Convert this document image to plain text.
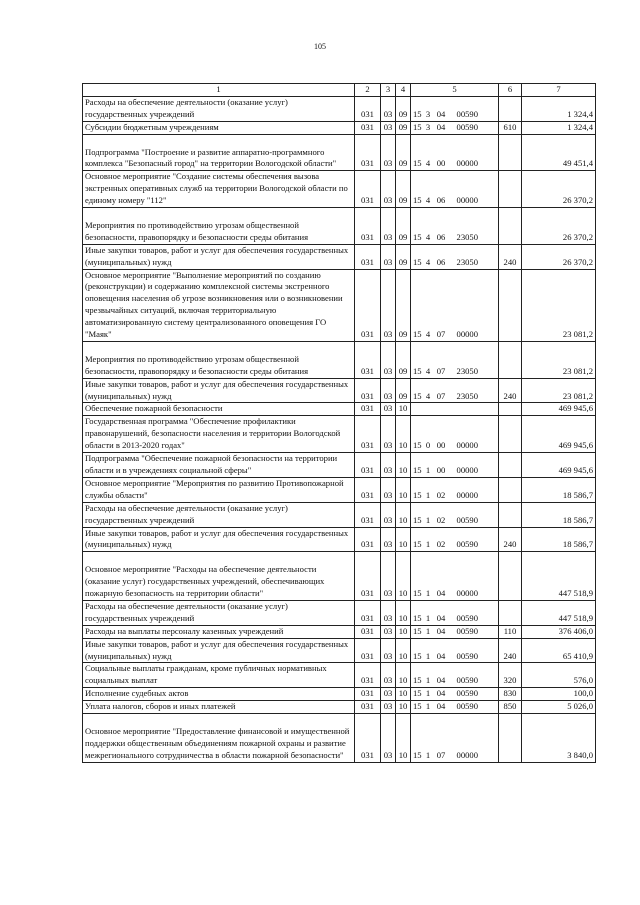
105
1	2	3	4	5	6	7
Расходы на обеспечение деятельности (оказание услуг) государственных учреждений	031	03	09	15 3 04 00590		1 324,4
Субсидии бюджетным учреждениям	031	03	09	15 3 04 00590	610	1 324,4
Подпрограмма "Построение и развитие аппаратно-программного комплекса "Безопасный город" на территории Вологодской области"	031	03	09	15 4 00 00000		49 451,4
Основное мероприятие "Создание системы обеспечения вызова экстренных оперативных служб на территории Вологодской области по единому номеру "112"	031	03	09	15 4 06 00000		26 370,2
Мероприятия по противодействию угрозам общественной безопасности, правопорядку и безопасности среды обитания	031	03	09	15 4 06 23050		26 370,2
Иные закупки товаров, работ и услуг для обеспечения государственных (муниципальных) нужд	031	03	09	15 4 06 23050	240	26 370,2
Основное мероприятие "Выполнение мероприятий по созданию (реконструкции) и содержанию комплексной системы экстренного оповещения населения об угрозе возникновения или о возникновении чрезвычайных ситуаций, включая территориальную автоматизированную систему централизованного оповещения ГО "Маяк"	031	03	09	15 4 07 00000		23 081,2
Мероприятия по противодействию угрозам общественной безопасности, правопорядку и безопасности среды обитания	031	03	09	15 4 07 23050		23 081,2
Иные закупки товаров, работ и услуг для обеспечения государственных (муниципальных) нужд	031	03	09	15 4 07 23050	240	23 081,2
Обеспечение пожарной безопасности	031	03	10			469 945,6
Государственная программа "Обеспечение профилактики правонарушений, безопасности населения и территории Вологодской области в 2013-2020 годах"	031	03	10	15 0 00 00000		469 945,6
Подпрограмма "Обеспечение пожарной безопасности на территории области и в учреждениях социальной сферы"	031	03	10	15 1 00 00000		469 945,6
Основное мероприятие "Мероприятия по развитию Противопожарной службы области"	031	03	10	15 1 02 00000		18 586,7
Расходы на обеспечение деятельности (оказание услуг) государственных учреждений	031	03	10	15 1 02 00590		18 586,7
Иные закупки товаров, работ и услуг для обеспечения государственных (муниципальных) нужд	031	03	10	15 1 02 00590	240	18 586,7
Основное мероприятие "Расходы на обеспечение деятельности (оказание услуг) государственных учреждений, обеспечивающих пожарную безопасность на территории области"	031	03	10	15 1 04 00000		447 518,9
Расходы на обеспечение деятельности (оказание услуг) государственных учреждений	031	03	10	15 1 04 00590		447 518,9
Расходы на выплаты персоналу казенных учреждений	031	03	10	15 1 04 00590	110	376 406,0
Иные закупки товаров, работ и услуг для обеспечения государственных (муниципальных) нужд	031	03	10	15 1 04 00590	240	65 410,9
Социальные выплаты гражданам, кроме публичных нормативных социальных выплат	031	03	10	15 1 04 00590	320	576,0
Исполнение судебных актов	031	03	10	15 1 04 00590	830	100,0
Уплата налогов, сборов и иных платежей	031	03	10	15 1 04 00590	850	5 026,0
Основное мероприятие "Предоставление финансовой и имущественной поддержки общественным объединениям пожарной охраны и развитие межрегионального сотрудничества в области пожарной безопасности"	031	03	10	15 1 07 00000		3 840,0
